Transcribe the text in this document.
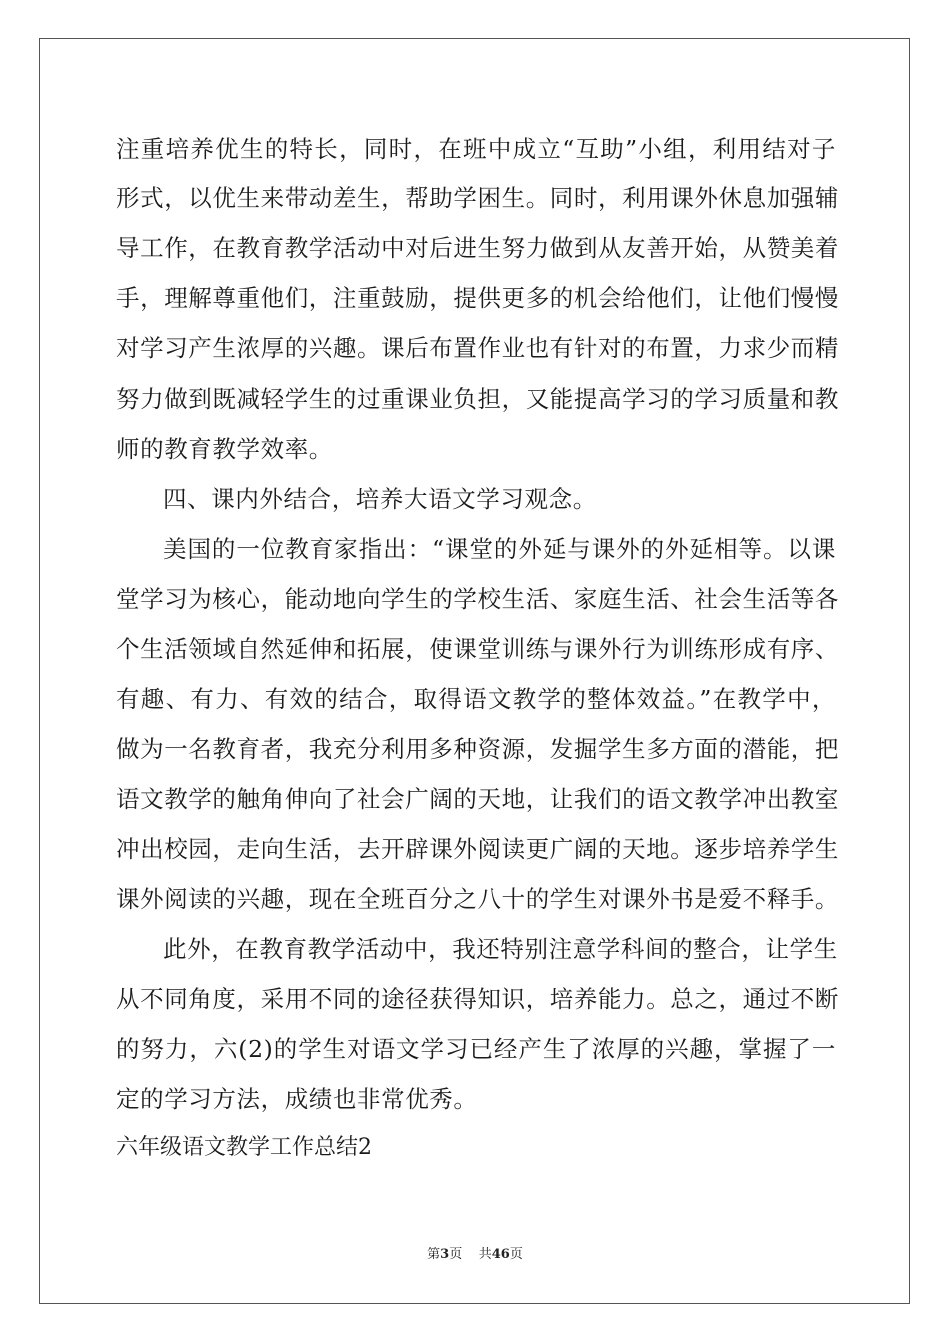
注重培养优生的特长，同时，在班中成立“互助”小组，利用结对子
形式，以优生来带动差生，帮助学困生。同时，利用课外休息加强辅
导工作，在教育教学活动中对后进生努力做到从友善开始，从赞美着
手，理解尊重他们，注重鼓励，提供更多的机会给他们，让他们慢慢
对学习产生浓厚的兴趣。课后布置作业也有针对的布置，力求少而精
努力做到既减轻学生的过重课业负担，又能提高学习的学习质量和教
师的教育教学效率。
四、课内外结合，培养大语文学习观念。
美国的一位教育家指出：“课堂的外延与课外的外延相等。以课
堂学习为核心，能动地向学生的学校生活、家庭生活、社会生活等各
个生活领域自然延伸和拓展，使课堂训练与课外行为训练形成有序、
有趣、有力、有效的结合，取得语文教学的整体效益。”在教学中，
做为一名教育者，我充分利用多种资源，发掘学生多方面的潜能，把
语文教学的触角伸向了社会广阔的天地，让我们的语文教学冲出教室
冲出校园，走向生活，去开辟课外阅读更广阔的天地。逐步培养学生
课外阅读的兴趣，现在全班百分之八十的学生对课外书是爱不释手。
此外，在教育教学活动中，我还特别注意学科间的整合，让学生
从不同角度，采用不同的途径获得知识，培养能力。总之，通过不断
的努力，六(2)的学生对语文学习已经产生了浓厚的兴趣，掌握了一
定的学习方法，成绩也非常优秀。
六年级语文教学工作总结2
第3页 共46页
